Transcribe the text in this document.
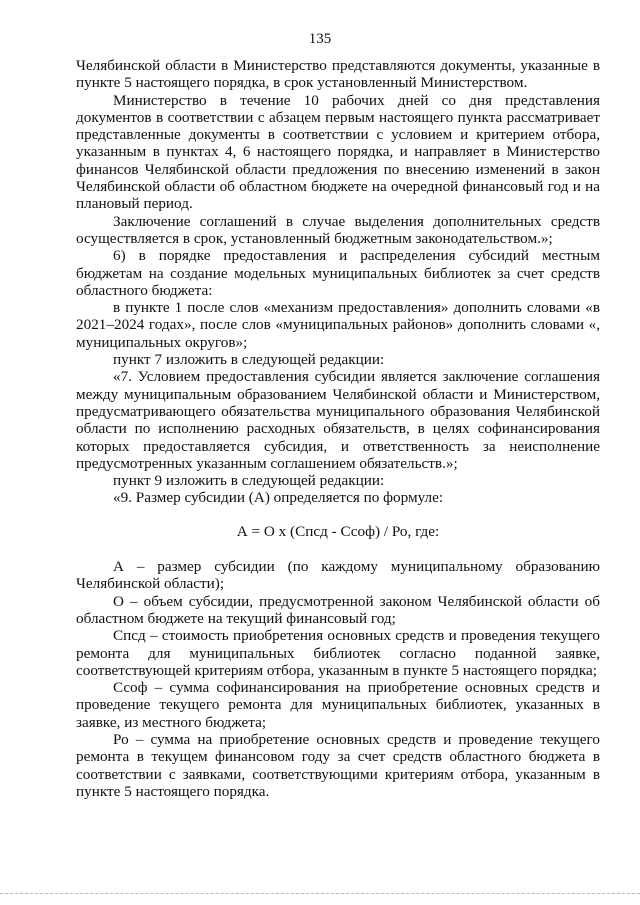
135

Челябинской области в Министерство представляются документы, указанные в пункте 5 настоящего порядка, в срок установленный Министерством.

Министерство в течение 10 рабочих дней со дня представления документов в соответствии с абзацем первым настоящего пункта рассматривает представленные документы в соответствии с условием и критерием отбора, указанным в пунктах 4, 6 настоящего порядка, и направляет в Министерство финансов Челябинской области предложения по внесению изменений в закон Челябинской области об областном бюджете на очередной финансовый год и на плановый период.

Заключение соглашений в случае выделения дополнительных средств осуществляется в срок, установленный бюджетным законодательством.»;

6) в порядке предоставления и распределения субсидий местным бюджетам на создание модельных муниципальных библиотек за счет средств областного бюджета:

в пункте 1 после слов «механизм предоставления» дополнить словами «в 2021–2024 годах», после слов «муниципальных районов» дополнить словами «, муниципальных округов»;

пункт 7 изложить в следующей редакции:

«7. Условием предоставления субсидии является заключение соглашения между муниципальным образованием Челябинской области и Министерством, предусматривающего обязательства муниципального образования Челябинской области по исполнению расходных обязательств, в целях софинансирования которых предоставляется субсидия, и ответственность за неисполнение предусмотренных указанным соглашением обязательств.»;

пункт 9 изложить в следующей редакции:

«9. Размер субсидии (А) определяется по формуле:

А = О х (Спсд - Ссоф) / Ро, где:

А – размер субсидии (по каждому муниципальному образованию Челябинской области);

О – объем субсидии, предусмотренной законом Челябинской области об областном бюджете на текущий финансовый год;

Спсд – стоимость приобретения основных средств и проведения текущего ремонта для муниципальных библиотек согласно поданной заявке, соответствующей критериям отбора, указанным в пункте 5 настоящего порядка;

Ссоф – сумма софинансирования на приобретение основных средств и проведение текущего ремонта для муниципальных библиотек, указанных в заявке, из местного бюджета;

Ро – сумма на приобретение основных средств и проведение текущего ремонта в текущем финансовом году за счет средств областного бюджета в соответствии с заявками, соответствующими критериям отбора, указанным в пункте 5 настоящего порядка.
